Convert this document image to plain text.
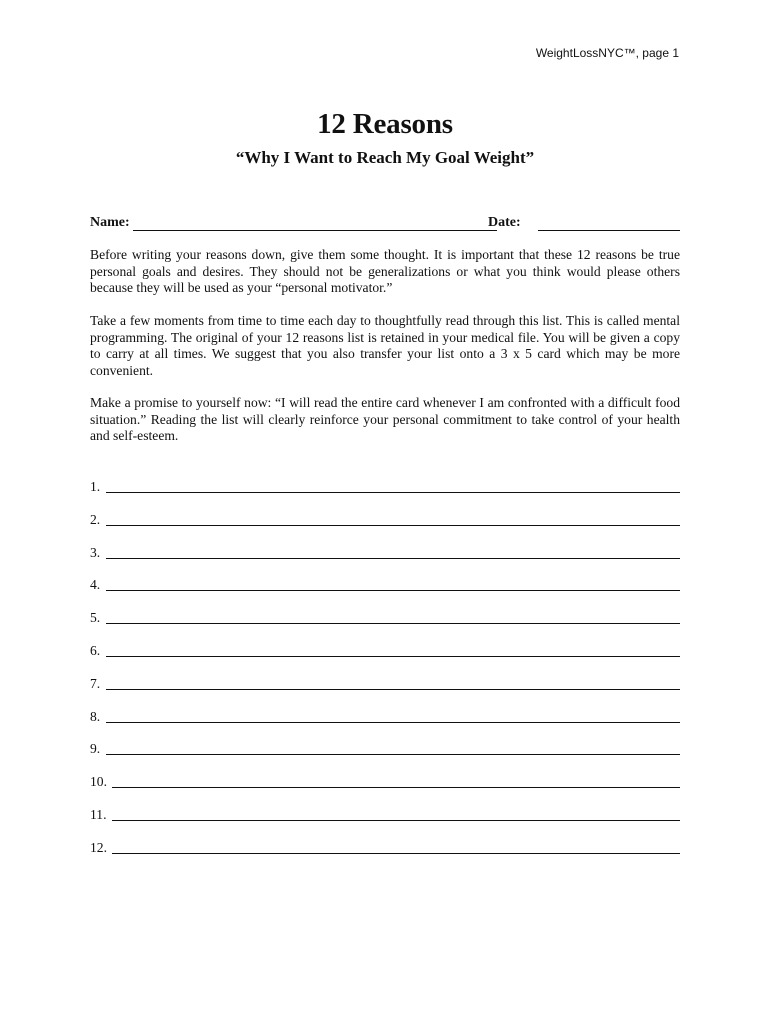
WeightLossNYC™, page 1
12 Reasons
“Why I Want to Reach My Goal Weight”
Name:	Date:

Before writing your reasons down, give them some thought. It is important that these 12 reasons be true personal goals and desires. They should not be generalizations or what you think would please others because they will be used as your “personal motivator.”

Take a few moments from time to time each day to thoughtfully read through this list. This is called mental programming. The original of your 12 reasons list is retained in your medical file. You will be given a copy to carry at all times. We suggest that you also transfer your list onto a 3 x 5 card which may be more convenient.

Make a promise to yourself now: “I will read the entire card whenever I am confronted with a difficult food situation.” Reading the list will clearly reinforce your personal commitment to take control of your health and self-esteem.

1.
2.
3.
4.
5.
6.
7.
8.
9.
10.
11.
12.
